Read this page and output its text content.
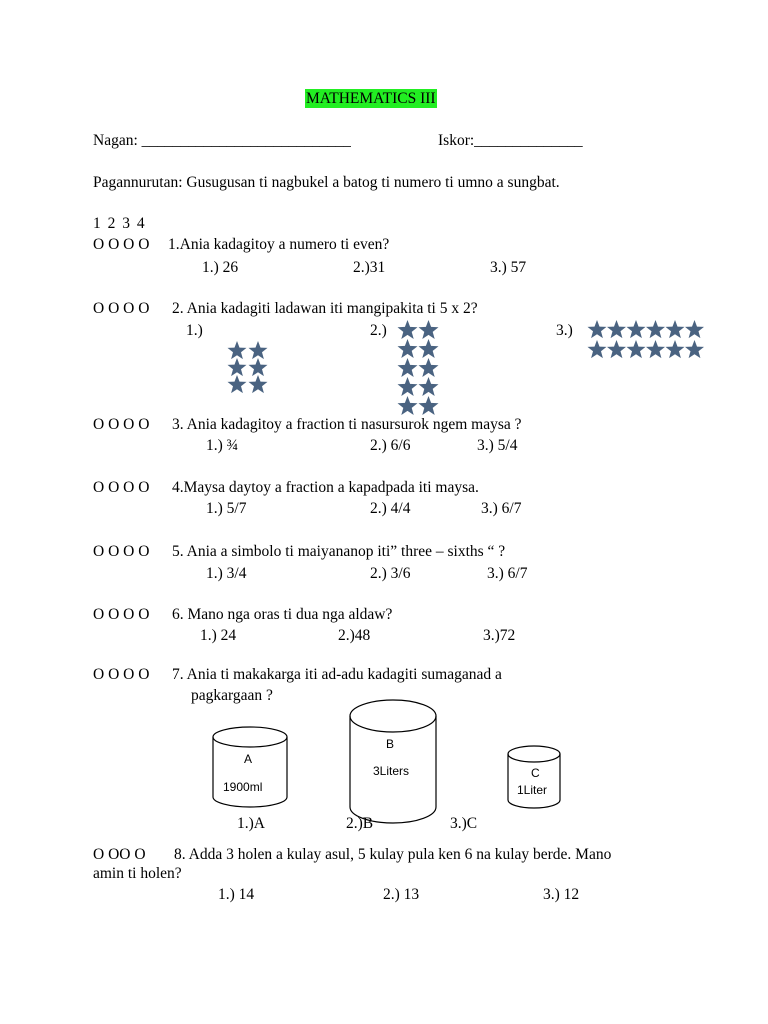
MATHEMATICS III
Nagan: ___________________________	Iskor:______________
Pagannurutan: Gusugusan ti nagbukel a batog ti numero ti umno a sungbat.
1 2 3 4
O O O O 1.Ania kadagitoy a numero ti even?
1.) 26	2.)31	3.) 57
O O O O 2. Ania kadagiti ladawan iti mangipakita ti 5 x 2?
1.)	2.)	3.)
O O O O 3. Ania kadagitoy a fraction ti nasursurok ngem maysa ?
1.) ¾	2.) 6/6	3.) 5/4
O O O O 4.Maysa daytoy a fraction a kapadpada iti maysa.
1.) 5/7	2.) 4/4	3.) 6/7
O O O O 5. Ania a simbolo ti maiyananop iti” three – sixths “ ?
1.) 3/4	2.) 3/6	3.) 6/7
O O O O 6. Mano nga oras ti dua nga aldaw?
1.) 24	2.)48	3.)72
O O O O 7. Ania ti makakarga iti ad-adu kadagiti sumaganad a
pagkargaan ?
A
1900ml
B
3Liters	C
1Liter
1.)A	2.)B	3.)C
O OO O 8. Adda 3 holen a kulay asul, 5 kulay pula ken 6 na kulay berde. Mano
amin ti holen?
1.) 14	2.) 13	3.) 12
